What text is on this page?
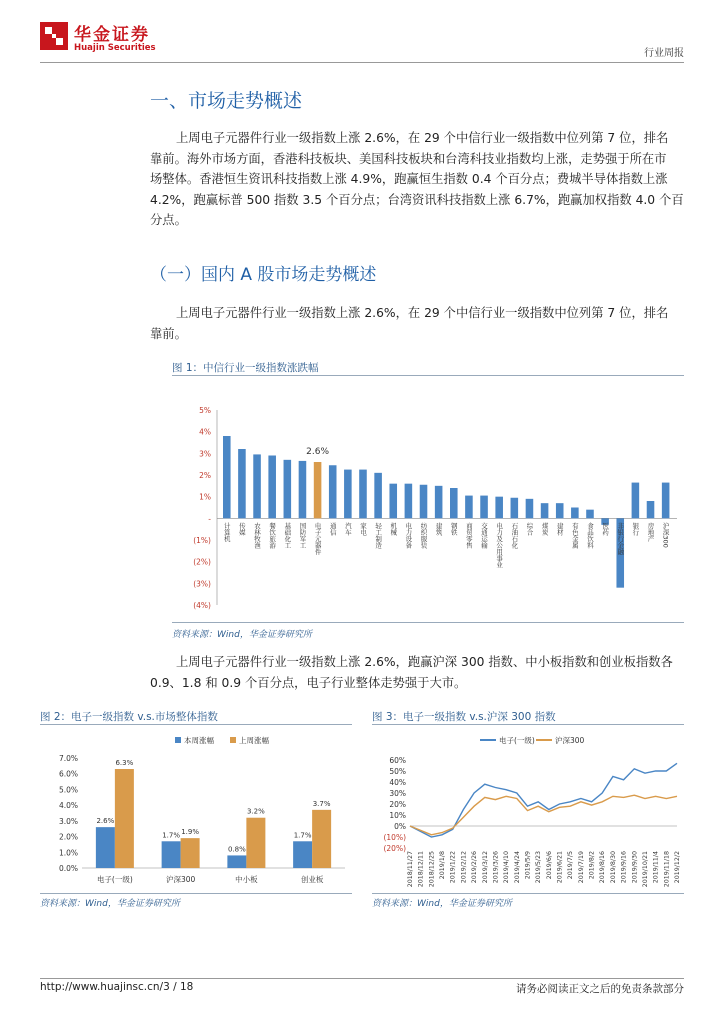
华金证券
Huajin Securities	行业周报
一、市场走势概述
上周电子元器件行业一级指数上涨 2.6%，在 29 个中信行业一级指数中位列第 7 位，排名
靠前。海外市场方面，香港科技板块、美国科技板块和台湾科技业指数均上涨，走势强于所在市
场整体。香港恒生资讯科技指数上涨 4.9%，跑赢恒生指数 0.4 个百分点；费城半导体指数上涨
4.2%，跑赢标普 500 指数 3.5 个百分点；台湾资讯科技指数上涨 6.7%，跑赢加权指数 4.0 个百
分点。
（一）国内 A 股市场走势概述
上周电子元器件行业一级指数上涨 2.6%，在 29 个中信行业一级指数中位列第 7 位，排名
靠前。
图 1：中信行业一级指数涨跌幅
5%
4%
3%
2%
1%
-
(1%)
(2%)
(3%)
(4%)
计算机 传媒 农林牧渔 餐饮旅游 基础化工 国防军工 电子元器件 通信 汽车 家电 轻工制造 机械 电力设备 纺织服装 建筑 钢铁 商贸零售 交通运输 电力及公用事业 石油石化 综合 煤炭 建材 有色金属 食品饮料 医药 非银行金融 银行 房地产 沪深300
2.6%
资料来源：Wind，华金证券研究所
上周电子元器件行业一级指数上涨 2.6%，跑赢沪深 300 指数、中小板指数和创业板指数各
0.9、1.8 和 0.9 个百分点，电子行业整体走势强于大市。
图 2：电子一级指数 v.s.市场整体指数
本周涨幅	上周涨幅
7.0%
6.0%
5.0%
4.0%
3.0%
2.0%
1.0%
0.0%
2.6%
6.3%
电子(一级)
1.7% 1.9%
沪深300
0.8%
3.2%
中小板
1.7%
3.7%
创业板
资料来源：Wind，华金证券研究所
图 3：电子一级指数 v.s.沪深 300 指数
电子(一级)	沪深300
60%
50%
40%
30%
20%
10%
0%
(10%)
(20%)
2018/11/27 2018/12/11 2018/12/25 2019/1/8 2019/1/22 2019/2/12 2019/2/26 2019/3/12 2019/3/26 2019/4/10 2019/4/24 2019/5/9 2019/5/23 2019/6/6 2019/6/21 2019/7/5 2019/7/19 2019/8/2 2019/8/16 2019/8/30 2019/9/16 2019/9/30 2019/10/21 2019/11/4 2019/11/18 2019/12/2
资料来源：Wind，华金证券研究所
http://www.huajinsc.cn/3 / 18	请务必阅读正文之后的免责条款部分
